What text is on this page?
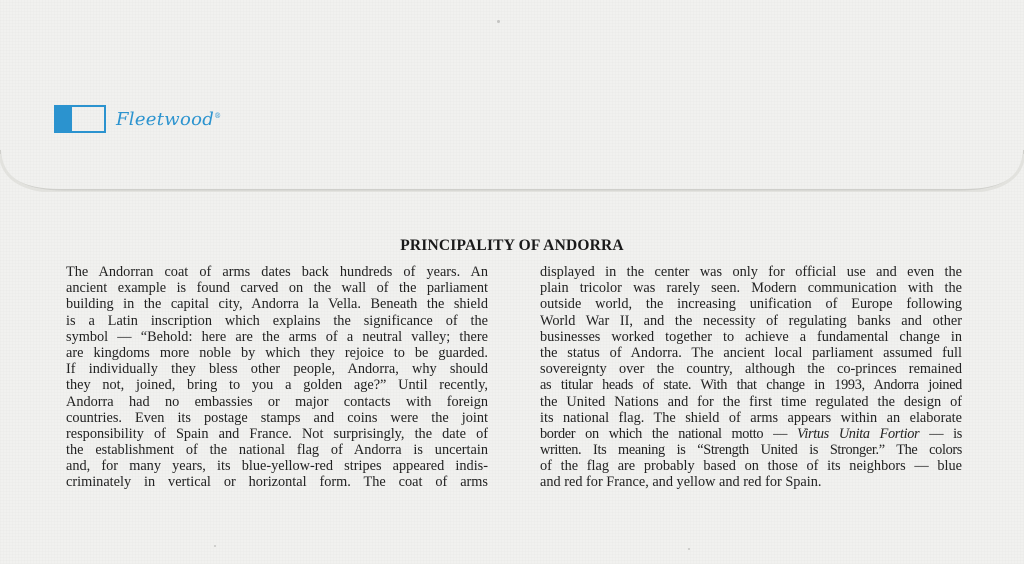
Fleetwood®
PRINCIPALITY OF ANDORRA
The Andorran coat of arms dates back hundreds of years. An
ancient example is found carved on the wall of the parliament
building in the capital city, Andorra la Vella. Beneath the shield
is a Latin inscription which explains the significance of the
symbol — “Behold: here are the arms of a neutral valley; there
are kingdoms more noble by which they rejoice to be guarded.
If individually they bless other people, Andorra, why should
they not, joined, bring to you a golden age?” Until recently,
Andorra had no embassies or major contacts with foreign
countries. Even its postage stamps and coins were the joint
responsibility of Spain and France. Not surprisingly, the date of
the establishment of the national flag of Andorra is uncertain
and, for many years, its blue-yellow-red stripes appeared indis-
criminately in vertical or horizontal form. The coat of arms
displayed in the center was only for official use and even the
plain tricolor was rarely seen. Modern communication with the
outside world, the increasing unification of Europe following
World War II, and the necessity of regulating banks and other
businesses worked together to achieve a fundamental change in
the status of Andorra. The ancient local parliament assumed full
sovereignty over the country, although the co-princes remained
as titular heads of state. With that change in 1993, Andorra joined
the United Nations and for the first time regulated the design of
its national flag. The shield of arms appears within an elaborate
border on which the national motto — Virtus Unita Fortior — is
written. Its meaning is “Strength United is Stronger.” The colors
of the flag are probably based on those of its neighbors — blue
and red for France, and yellow and red for Spain.
